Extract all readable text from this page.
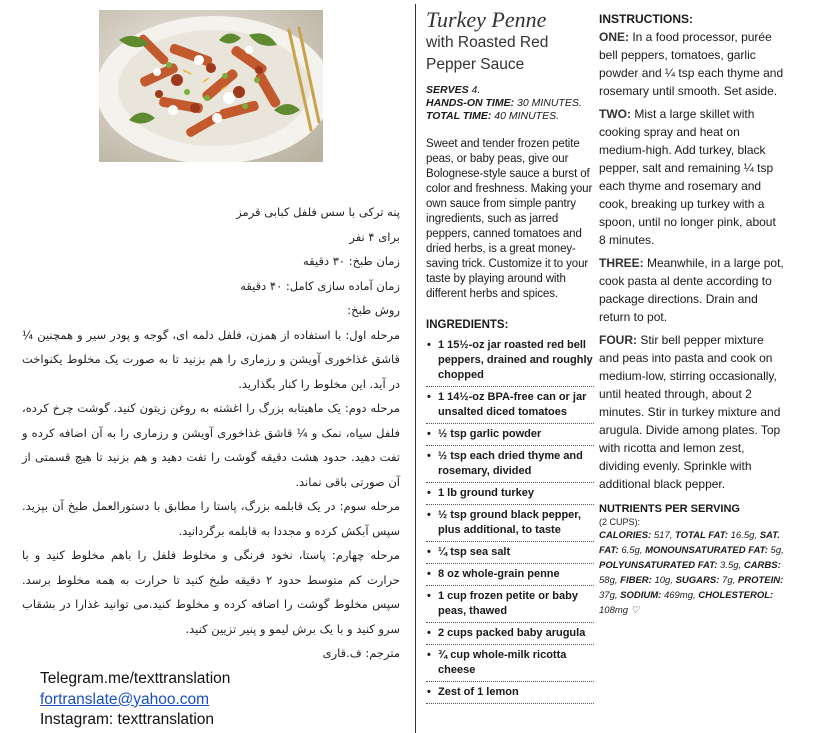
پنه ترکی با سس فلفل کبابی قرمز

برای ۴ نفر

زمان طبخ: ۳۰ دقیقه

زمان آماده سازی کامل: ۴۰ دقیقه

روش طبخ:

مرحله اول: با استفاده از همزن، فلفل دلمه ای، گوجه و پودر سیر و همچنین ¼ قاشق غذاخوری آویشن و رزماری را هم بزنید تا به صورت یک مخلوط یکنواخت در آید. این مخلوط را کنار بگذارید.

مرحله دوم: یک ماهیتابه بزرگ را اغشته به روغن زیتون کنید. گوشت چرخ کرده، فلفل سیاه، نمک و ¼ قاشق غذاخوری آویشن و رزماری را به آن اضافه کرده و تفت دهید. حدود هشت دقیقه گوشت را تفت دهید و هم بزنید تا هیچ قسمتی از آن صورتی باقی نماند.

مرحله سوم: در یک قابلمه بزرگ، پاستا را مطابق با دستورالعمل طبخ آن بپزید. سپس آبکش کرده و مجددا به قابلمه برگردانید.

مرحله چهارم: پاستا، نخود فرنگی و مخلوط فلفل را باهم مخلوط کنید و با حرارت کم متوسط حدود ۲ دقیقه طبخ کنید تا حرارت به همه مخلوط برسد. سپس مخلوط گوشت را اضافه کرده و مخلوط کنید.می توانید غذارا در بشقاب سرو کنید و با یک برش لیمو و پنیر تزیین کنید.

مترجم: ف.قاری

Telegram.me/texttranslation
fortranslate@yahoo.com
Instagram: texttranslation
Turkey Penne
with Roasted Red
Pepper Sauce
SERVES 4.
HANDS-ON TIME: 30 MINUTES.
TOTAL TIME: 40 MINUTES.
Sweet and tender frozen petite peas, or baby peas, give our Bolognese-style sauce a burst of color and freshness. Making your own sauce from simple pantry ingredients, such as jarred peppers, canned tomatoes and dried herbs, is a great money-saving trick. Customize it to your taste by playing around with different herbs and spices.
INGREDIENTS:
• 1 15½-oz jar roasted red bell peppers, drained and roughly chopped
• 1 14½-oz BPA-free can or jar unsalted diced tomatoes
• ½ tsp garlic powder
• ½ tsp each dried thyme and rosemary, divided
• 1 lb ground turkey
• ½ tsp ground black pepper, plus additional, to taste
• ¼ tsp sea salt
• 8 oz whole-grain penne
• 1 cup frozen petite or baby peas, thawed
• 2 cups packed baby arugula
• ¾ cup whole-milk ricotta cheese
• Zest of 1 lemon
INSTRUCTIONS:

ONE: In a food processor, purée bell peppers, tomatoes, garlic powder and ¼ tsp each thyme and rosemary until smooth. Set aside.

TWO: Mist a large skillet with cooking spray and heat on medium-high. Add turkey, black pepper, salt and remaining ¼ tsp each thyme and rosemary and cook, breaking up turkey with a spoon, until no longer pink, about 8 minutes.

THREE: Meanwhile, in a large pot, cook pasta al dente according to package directions. Drain and return to pot.

FOUR: Stir bell pepper mixture and peas into pasta and cook on medium-low, stirring occasionally, until heated through, about 2 minutes. Stir in turkey mixture and arugula. Divide among plates. Top with ricotta and lemon zest, dividing evenly. Sprinkle with additional black pepper.

NUTRIENTS PER SERVING
(2 CUPS):
CALORIES: 517, TOTAL FAT: 16.5g, SAT. FAT: 6.5g, MONOUNSATURATED FAT: 5g, POLYUNSATURATED FAT: 3.5g, CARBS: 58g, FIBER: 10g, SUGARS: 7g, PROTEIN: 37g, SODIUM: 469mg, CHOLESTEROL: 108mg ♡
